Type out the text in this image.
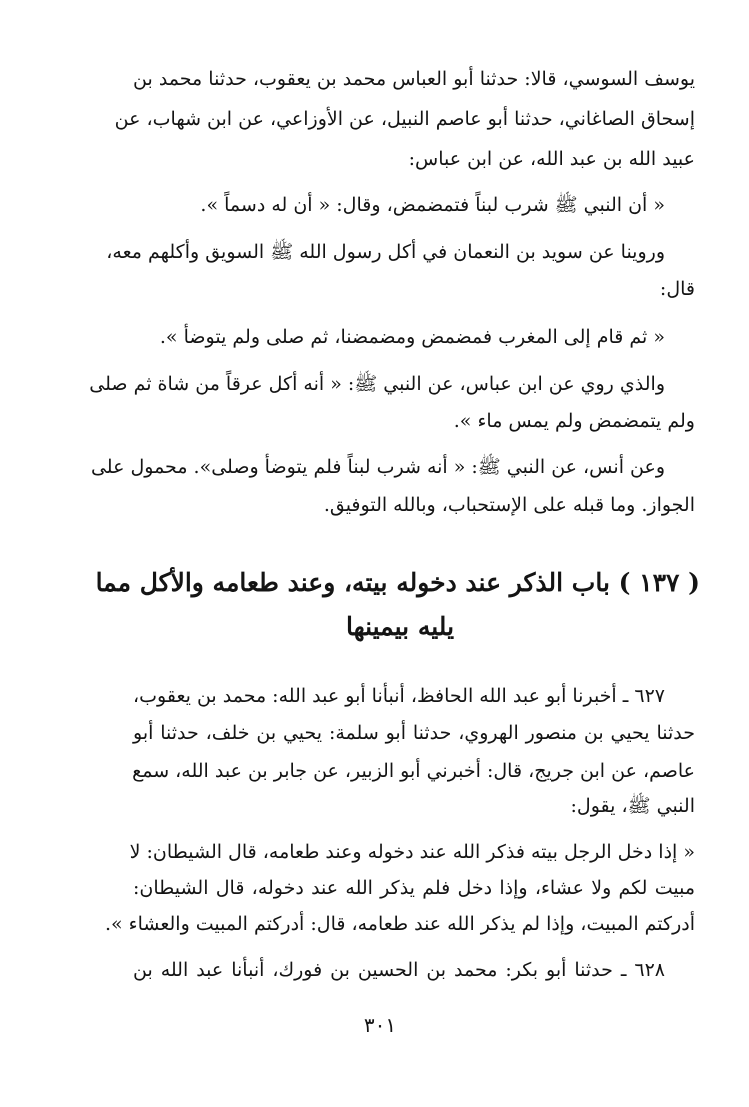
يوسف السوسي، قالا: حدثنا أبو العباس محمد بن يعقوب، حدثنا محمد بن
إسحاق الصاغاني، حدثنا أبو عاصم النبيل، عن الأوزاعي، عن ابن شهاب، عن
عبيد الله بن عبد الله، عن ابن عباس:
« أن النبي ﷺ شرب لبناً فتمضمض، وقال: « أن له دسماً ».
وروينا عن سويد بن النعمان في أكل رسول الله ﷺ السويق وأكلهم معه،
قال:
« ثم قام إلى المغرب فمضمض ومضمضنا، ثم صلى ولم يتوضأ ».
والذي روي عن ابن عباس، عن النبي ﷺ: « أنه أكل عرقاً من شاة ثم صلى
ولم يتمضمض ولم يمس ماء ».
وعن أنس، عن النبي ﷺ: « أنه شرب لبناً فلم يتوضأ وصلى». محمول على
الجواز. وما قبله على الإستحباب، وبالله التوفيق.
( ١٣٧ ) باب الذكر عند دخوله بيته، وعند طعامه والأكل مما
يليه بيمينها
٦٢٧ ـ أخبرنا أبو عبد الله الحافظ، أنبأنا أبو عبد الله: محمد بن يعقوب،
حدثنا يحيي بن منصور الهروي، حدثنا أبو سلمة: يحيي بن خلف، حدثنا أبو
عاصم، عن ابن جريج، قال: أخبرني أبو الزبير، عن جابر بن عبد الله، سمع
النبي ﷺ، يقول:
« إذا دخل الرجل بيته فذكر الله عند دخوله وعند طعامه، قال الشيطان: لا
مبيت لكم ولا عشاء، وإذا دخل فلم يذكر الله عند دخوله، قال الشيطان:
أدركتم المبيت، وإذا لم يذكر الله عند طعامه، قال: أدركتم المبيت والعشاء ».
٦٢٨ ـ حدثنا أبو بكر: محمد بن الحسين بن فورك، أنبأنا عبد الله بن
٣٠١
